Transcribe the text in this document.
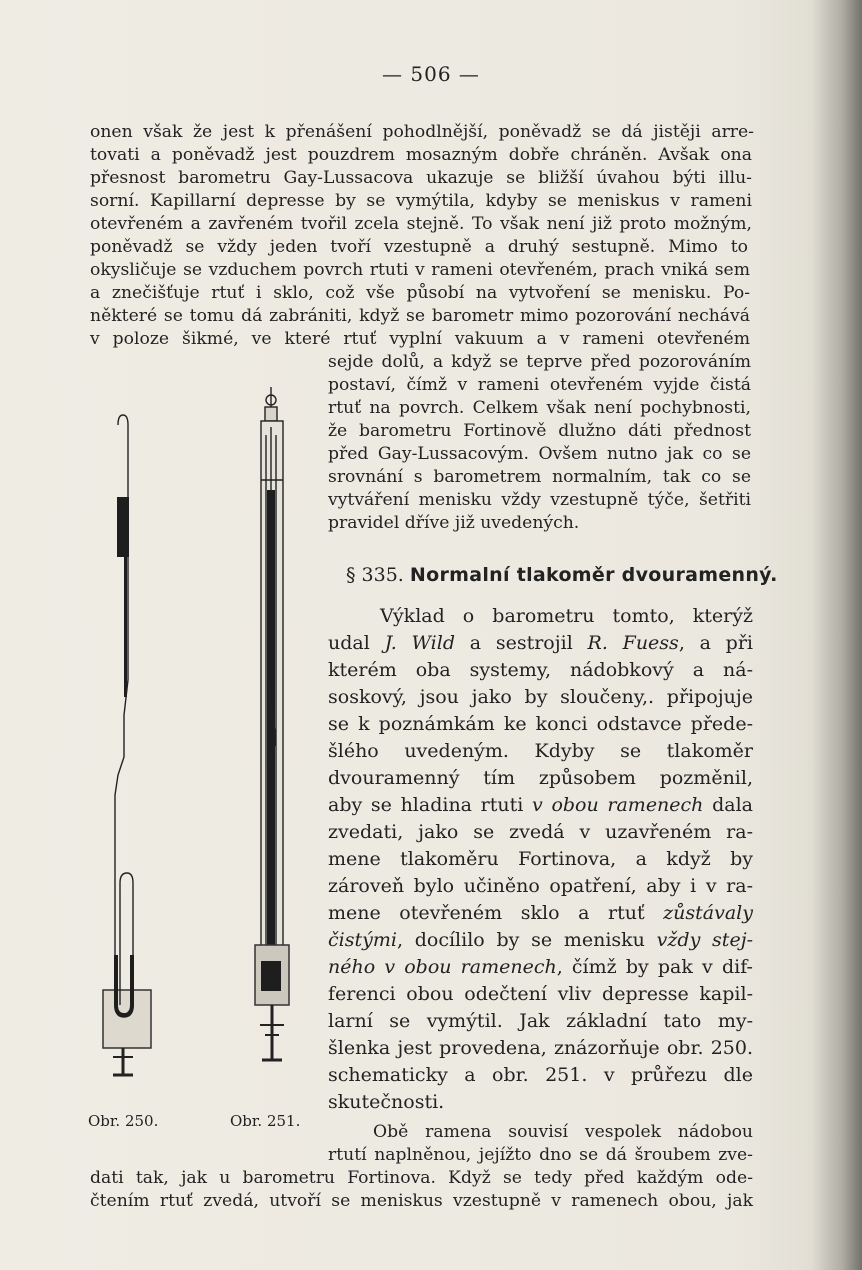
— 506 —

onen však že jest k přenášení pohodlnější, poněvadž se dá jistěji arre-

tovati a poněvadž jest pouzdrem mosazným dobře chráněn. Avšak ona

přesnost barometru Gay-Lussacova ukazuje se bližší úvahou býti illu-

sorní. Kapillarní depresse by se vymýtila, kdyby se meniskus v rameni

otevřeném a zavřeném tvořil zcela stejně. To však není již proto možným,

poněvadž se vždy jeden tvoří vzestupně a druhý sestupně. Mimo to

okysličuje se vzduchem povrch rtuti v rameni otevřeném, prach vniká sem

a znečišťuje rtuť i sklo, což vše působí na vytvoření se menisku. Po-

některé se tomu dá zabrániti, když se barometr mimo pozorování nechává

v poloze šikmé, ve které rtuť vyplní vakuum a v rameni otevřeném

sejde dolů, a když se teprve před pozorováním

postaví, čímž v rameni otevřeném vyjde čistá

rtuť na povrch. Celkem však není pochybnosti,

že barometru Fortinově dlužno dáti přednost

před Gay-Lussacovým. Ovšem nutno jak co se

srovnání s barometrem normalním, tak co se

vytváření menisku vždy vzestupně týče, šetřiti

pravidel dříve již uvedených.

§ 335. Normalní tlakoměr dvouramenný.

Výklad o barometru tomto, kterýž

udal J. Wild a sestrojil R. Fuess, a při

kterém oba systemy, nádobkový a ná-

soskový, jsou jako by sloučeny,. připojuje

se k poznámkám ke konci odstavce přede-

šlého uvedeným. Kdyby se tlakoměr

dvouramenný tím způsobem pozměnil,

aby se hladina rtuti v obou ramenech dala

zvedati, jako se zvedá v uzavřeném ra-

mene tlakoměru Fortinova, a když by

zároveň bylo učiněno opatření, aby i v ra-

mene otevřeném sklo a rtuť zůstávaly

čistými, docílilo by se menisku vždy stej-

ného v obou ramenech, čímž by pak v dif-

ferenci obou odečtení vliv depresse kapil-

larní se vymýtil. Jak základní tato my-

šlenka jest provedena, znázorňuje obr. 250.

schematicky a obr. 251. v průřezu dle

skutečnosti.

Obě ramena souvisí vespolek nádobou

rtutí naplněnou, jejížto dno se dá šroubem zve-

dati tak, jak u barometru Fortinova. Když se tedy před každým ode-

čtením rtuť zvedá, utvoří se meniskus vzestupně v ramenech obou, jak

Obr. 250.	Obr. 251.
